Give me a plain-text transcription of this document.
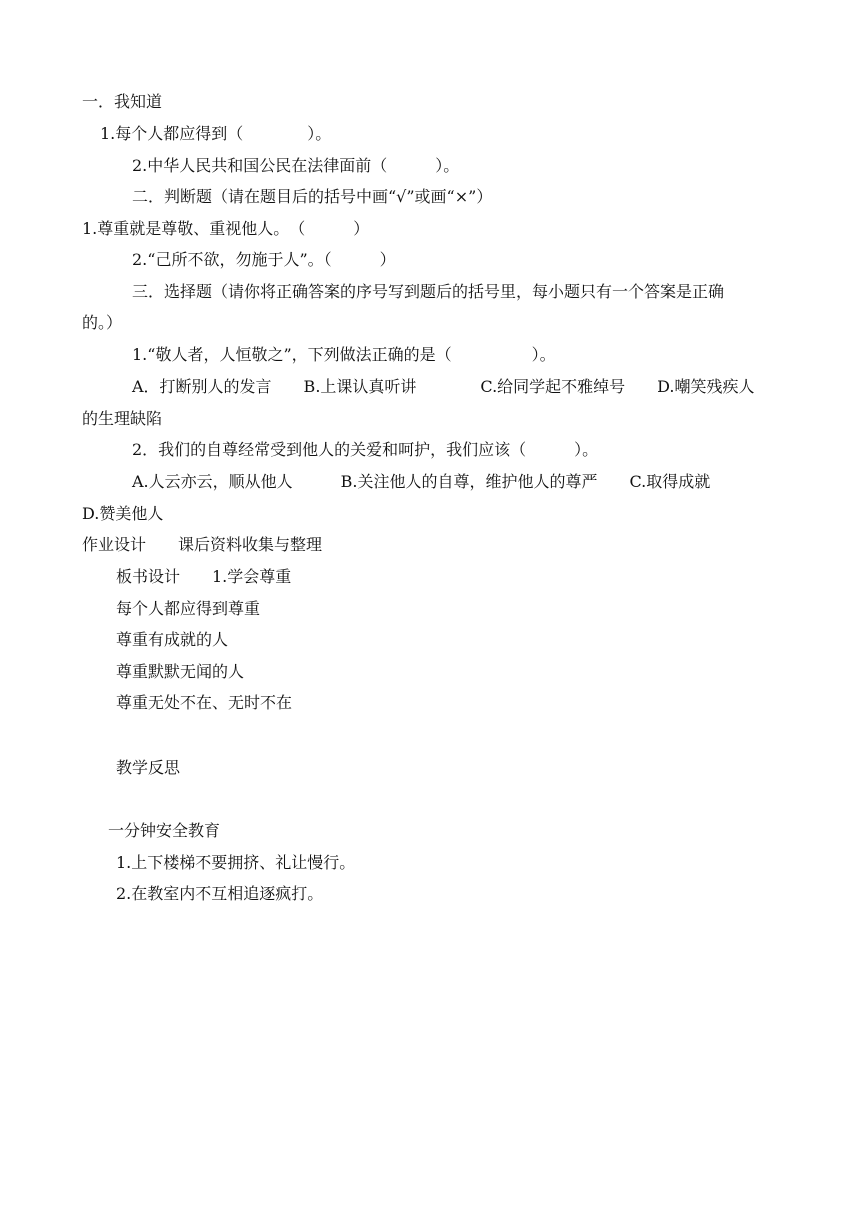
一．我知道
1.每个人都应得到（　　　　）。
2.中华人民共和国公民在法律面前（　　　）。
二．判断题（请在题目后的括号中画“√”或画“×”）
1.尊重就是尊敬、重视他人。　（　　　）
2.“己所不欲，勿施于人”。（　　　）
三．选择题（请你将正确答案的序号写到题后的括号里，每小题只有一个答案是正确
的。）
1.“敬人者，人恒敬之”，下列做法正确的是（　　　　　）。
A．打断别人的发言　　B.上课认真听讲　　　　C.给同学起不雅绰号　　D.嘲笑残疾人
的生理缺陷
2．我们的自尊经常受到他人的关爱和呵护，我们应该（　　　）。
A.人云亦云，顺从他人　　　B.关注他人的自尊，维护他人的尊严　　C.取得成就
D.赞美他人
作业设计　　课后资料收集与整理
板书设计　　1.学会尊重
每个人都应得到尊重
尊重有成就的人
尊重默默无闻的人
尊重无处不在、无时不在
教学反思
一分钟安全教育
1.上下楼梯不要拥挤、礼让慢行。
2.在教室内不互相追逐疯打。
